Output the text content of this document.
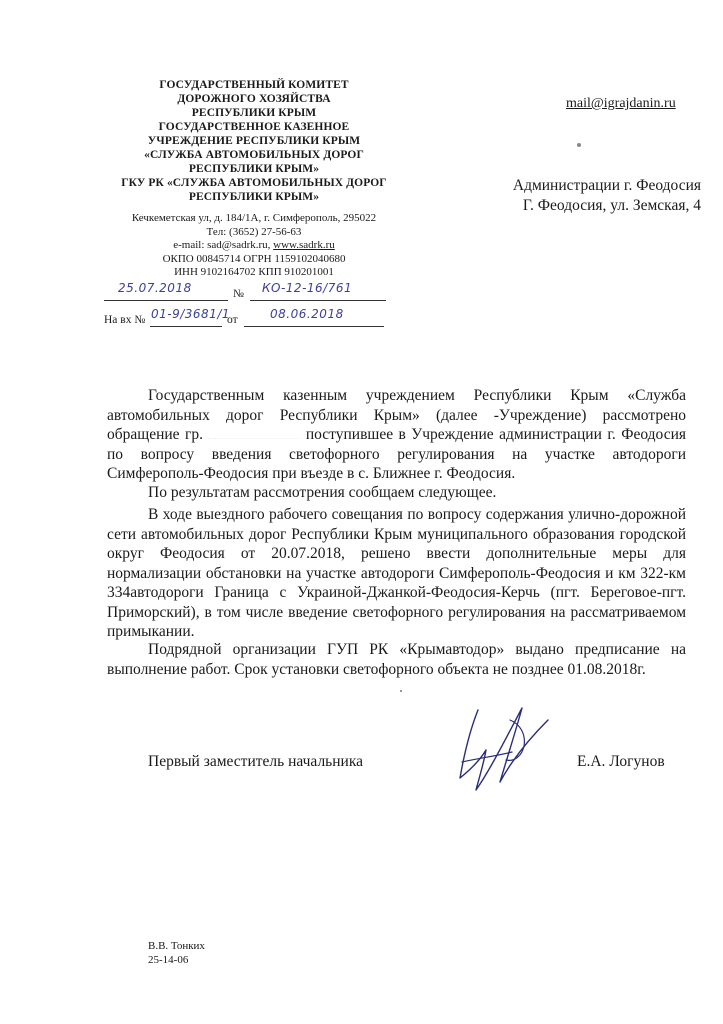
ГОСУДАРСТВЕННЫЙ КОМИТЕТ
ДОРОЖНОГО ХОЗЯЙСТВА
РЕСПУБЛИКИ КРЫМ
ГОСУДАРСТВЕННОЕ КАЗЕННОЕ
УЧРЕЖДЕНИЕ РЕСПУБЛИКИ КРЫМ
«СЛУЖБА АВТОМОБИЛЬНЫХ ДОРОГ
РЕСПУБЛИКИ КРЫМ»
ГКУ РК «СЛУЖБА АВТОМОБИЛЬНЫХ ДОРОГ
РЕСПУБЛИКИ КРЫМ»
Кечкеметская ул, д. 184/1А, г. Симферополь, 295022
Тел: (3652) 27-56-63
e-mail: sad@sadrk.ru, www.sadrk.ru
ОКПО 00845714 ОГРН 1159102040680
ИНН 9102164702 КПП 910201001
25.07.2018	№ КО-12-16/761
На вх № 01-9/3681/1
от	08.06.2018
mail@igrajdanin.ru
Администрации г. Феодосия
Г. Феодосия, ул. Земская, 4
Государственным казенным учреждением Республики Крым «Служба автомобильных дорог Республики Крым» (далее -Учреждение) рассмотрено обращение гр.	поступившее в Учреждение администрации г. Феодосия по вопросу введения светофорного регулирования на участке автодороги Симферополь-Феодосия при въезде в с. Ближнее г. Феодосия.
По результатам рассмотрения сообщаем следующее.
В ходе выездного рабочего совещания по вопросу содержания улично-дорожной сети автомобильных дорог Республики Крым муниципального образования городской округ Феодосия от 20.07.2018, решено ввести дополнительные меры для нормализации обстановки на участке автодороги Симферополь-Феодосия и км 322-км 334автодороги Граница с Украиной-Джанкой-Феодосия-Керчь (пгт. Береговое-пгт. Приморский), в том числе введение светофорного регулирования на рассматриваемом примыкании.
Подрядной организации ГУП РК «Крымавтодор» выдано предписание на выполнение работ. Срок установки светофорного объекта не позднее 01.08.2018г.
Первый заместитель начальника	Е.А. Логунов
В.В. Тонких
25-14-06
